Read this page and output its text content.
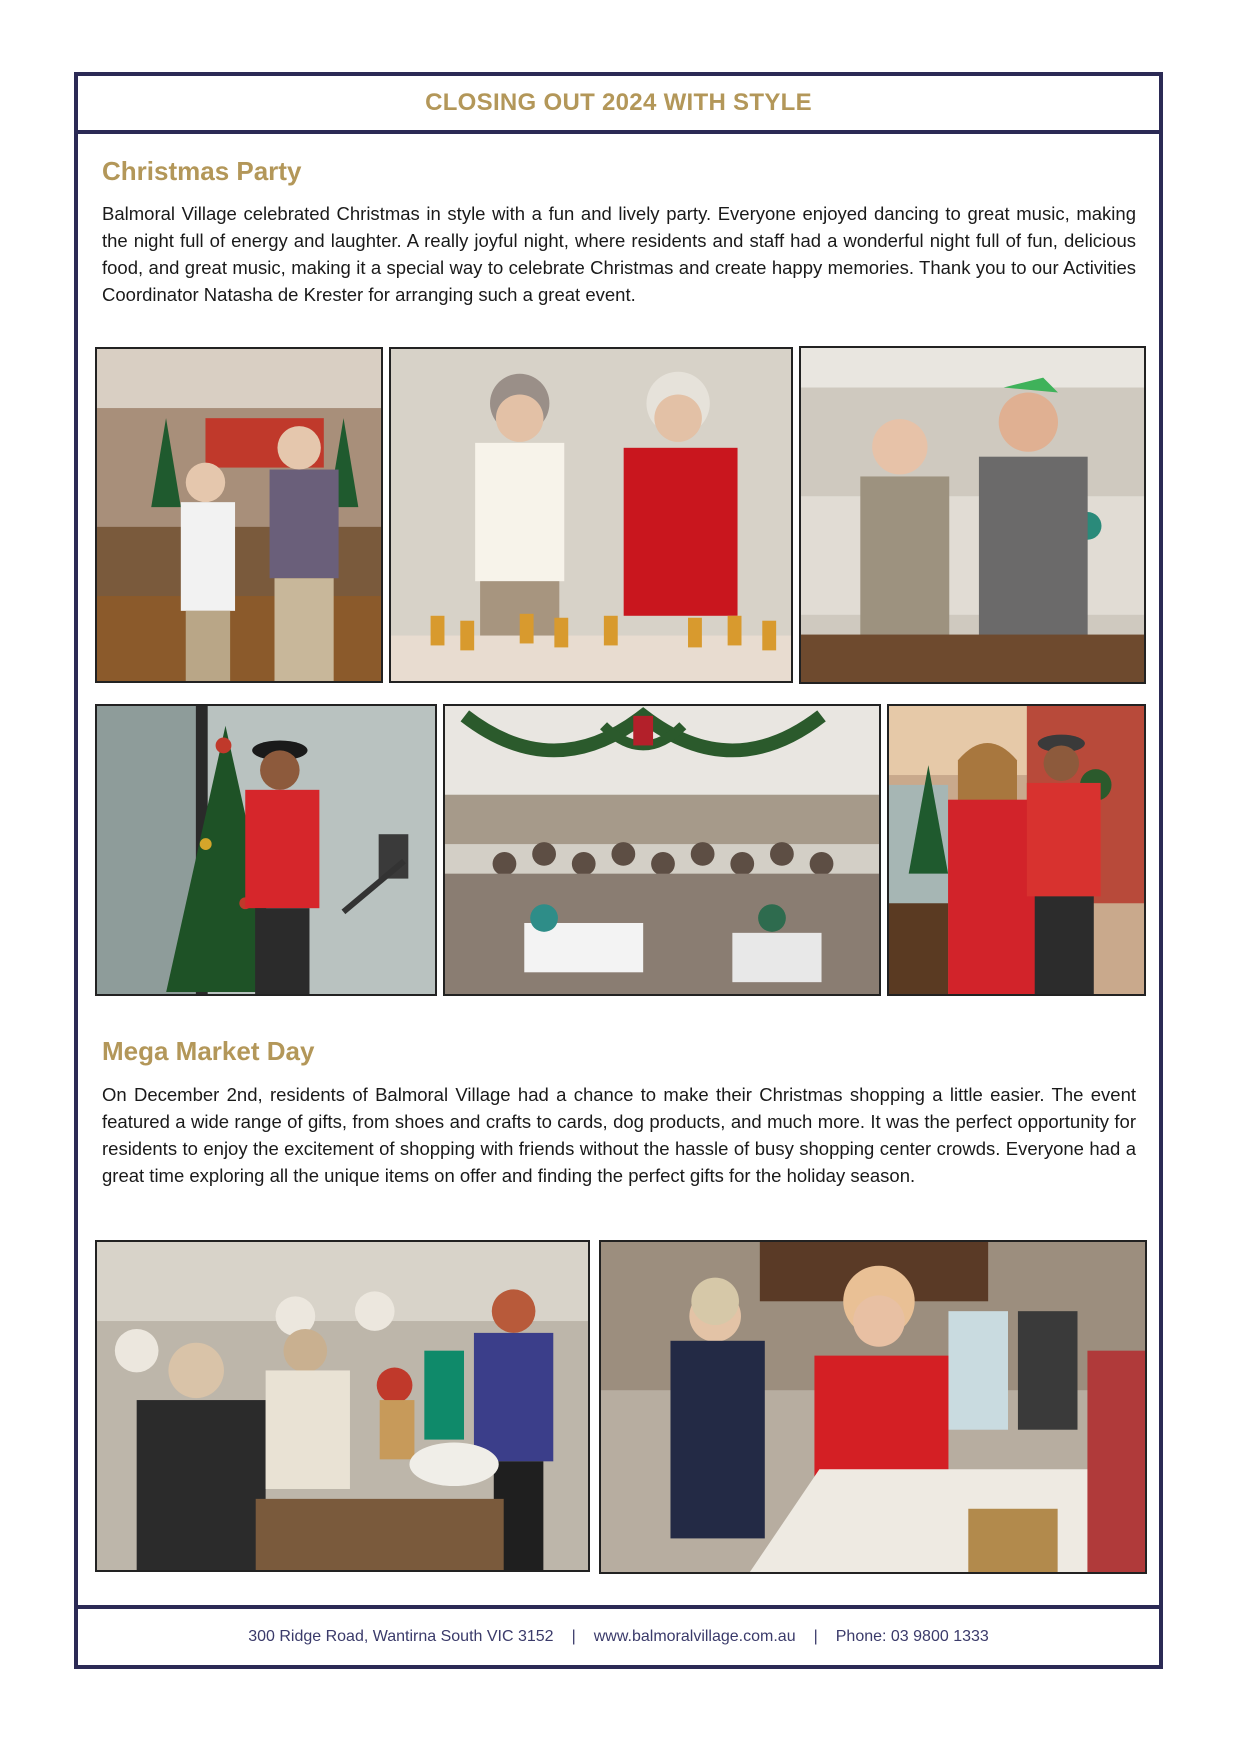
CLOSING OUT 2024 WITH STYLE
Christmas Party
Balmoral Village celebrated Christmas in style with a fun and lively party. Everyone enjoyed dancing to great music, making the night full of energy and laughter. A really joyful night, where residents and staff had a wonderful night full of fun, delicious food, and great music, making it a special way to celebrate Christmas and create happy memories. Thank you to our Activities Coordinator Natasha de Krester for arranging such a great event.
Mega Market Day
On December 2nd, residents of Balmoral Village had a chance to make their Christmas shopping a little easier. The event featured a wide range of gifts, from shoes and crafts to cards, dog products, and much more. It was the perfect opportunity for residents to enjoy the excitement of shopping with friends without the hassle of busy shopping center crowds. Everyone had a great time exploring all the unique items on offer and finding the perfect gifts for the holiday season.
300 Ridge Road, Wantirna South VIC 3152 | www.balmoralvillage.com.au | Phone: 03 9800 1333
